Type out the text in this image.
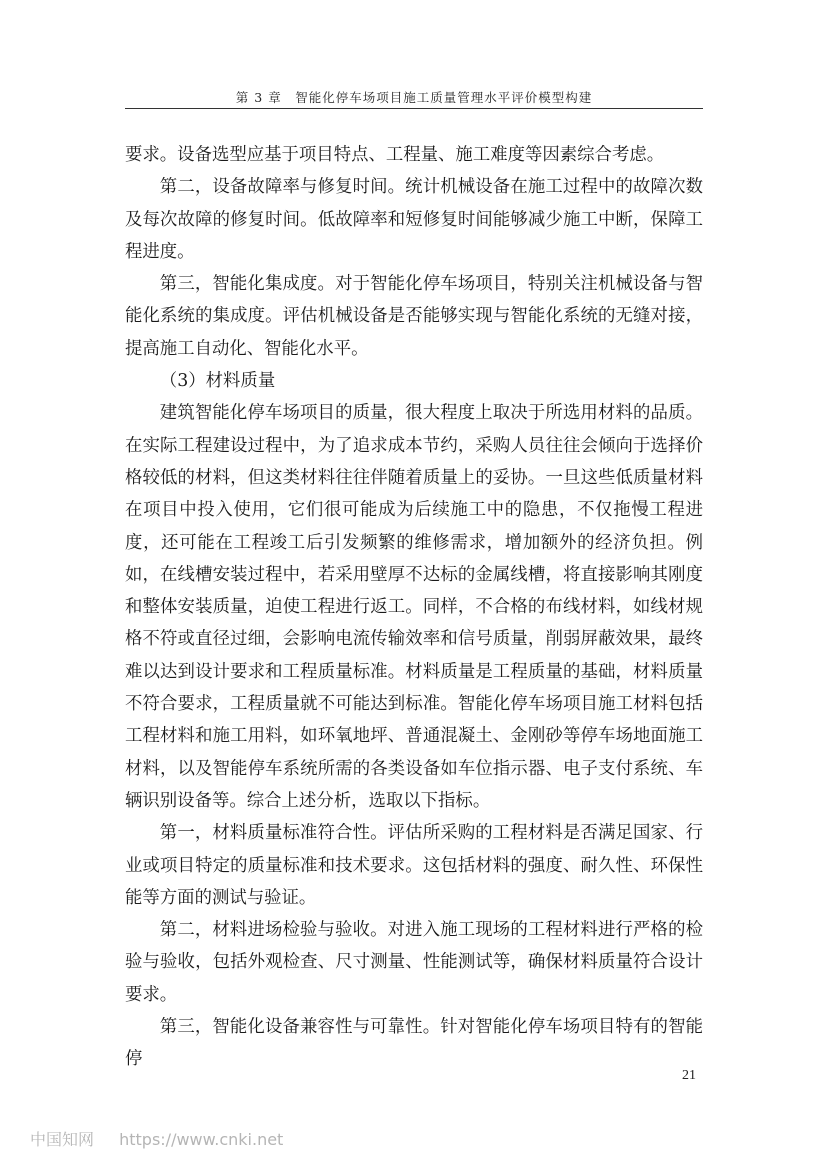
第 3 章　智能化停车场项目施工质量管理水平评价模型构建

要求。设备选型应基于项目特点、工程量、施工难度等因素综合考虑。

第二，设备故障率与修复时间。统计机械设备在施工过程中的故障次数及每次故障的修复时间。低故障率和短修复时间能够减少施工中断，保障工程进度。

第三，智能化集成度。对于智能化停车场项目，特别关注机械设备与智能化系统的集成度。评估机械设备是否能够实现与智能化系统的无缝对接，提高施工自动化、智能化水平。

（3）材料质量

建筑智能化停车场项目的质量，很大程度上取决于所选用材料的品质。在实际工程建设过程中，为了追求成本节约，采购人员往往会倾向于选择价格较低的材料，但这类材料往往伴随着质量上的妥协。一旦这些低质量材料在项目中投入使用，它们很可能成为后续施工中的隐患，不仅拖慢工程进度，还可能在工程竣工后引发频繁的维修需求，增加额外的经济负担。例如，在线槽安装过程中，若采用壁厚不达标的金属线槽，将直接影响其刚度和整体安装质量，迫使工程进行返工。同样，不合格的布线材料，如线材规格不符或直径过细，会影响电流传输效率和信号质量，削弱屏蔽效果，最终难以达到设计要求和工程质量标准。材料质量是工程质量的基础，材料质量不符合要求，工程质量就不可能达到标准。智能化停车场项目施工材料包括工程材料和施工用料，如环氧地坪、普通混凝土、金刚砂等停车场地面施工材料，以及智能停车系统所需的各类设备如车位指示器、电子支付系统、车辆识别设备等。综合上述分析，选取以下指标。

第一，材料质量标准符合性。评估所采购的工程材料是否满足国家、行业或项目特定的质量标准和技术要求。这包括材料的强度、耐久性、环保性能等方面的测试与验证。

第二，材料进场检验与验收。对进入施工现场的工程材料进行严格的检验与验收，包括外观检查、尺寸测量、性能测试等，确保材料质量符合设计要求。

第三，智能化设备兼容性与可靠性。针对智能化停车场项目特有的智能停

21
中国知网 https://www.cnki.net
